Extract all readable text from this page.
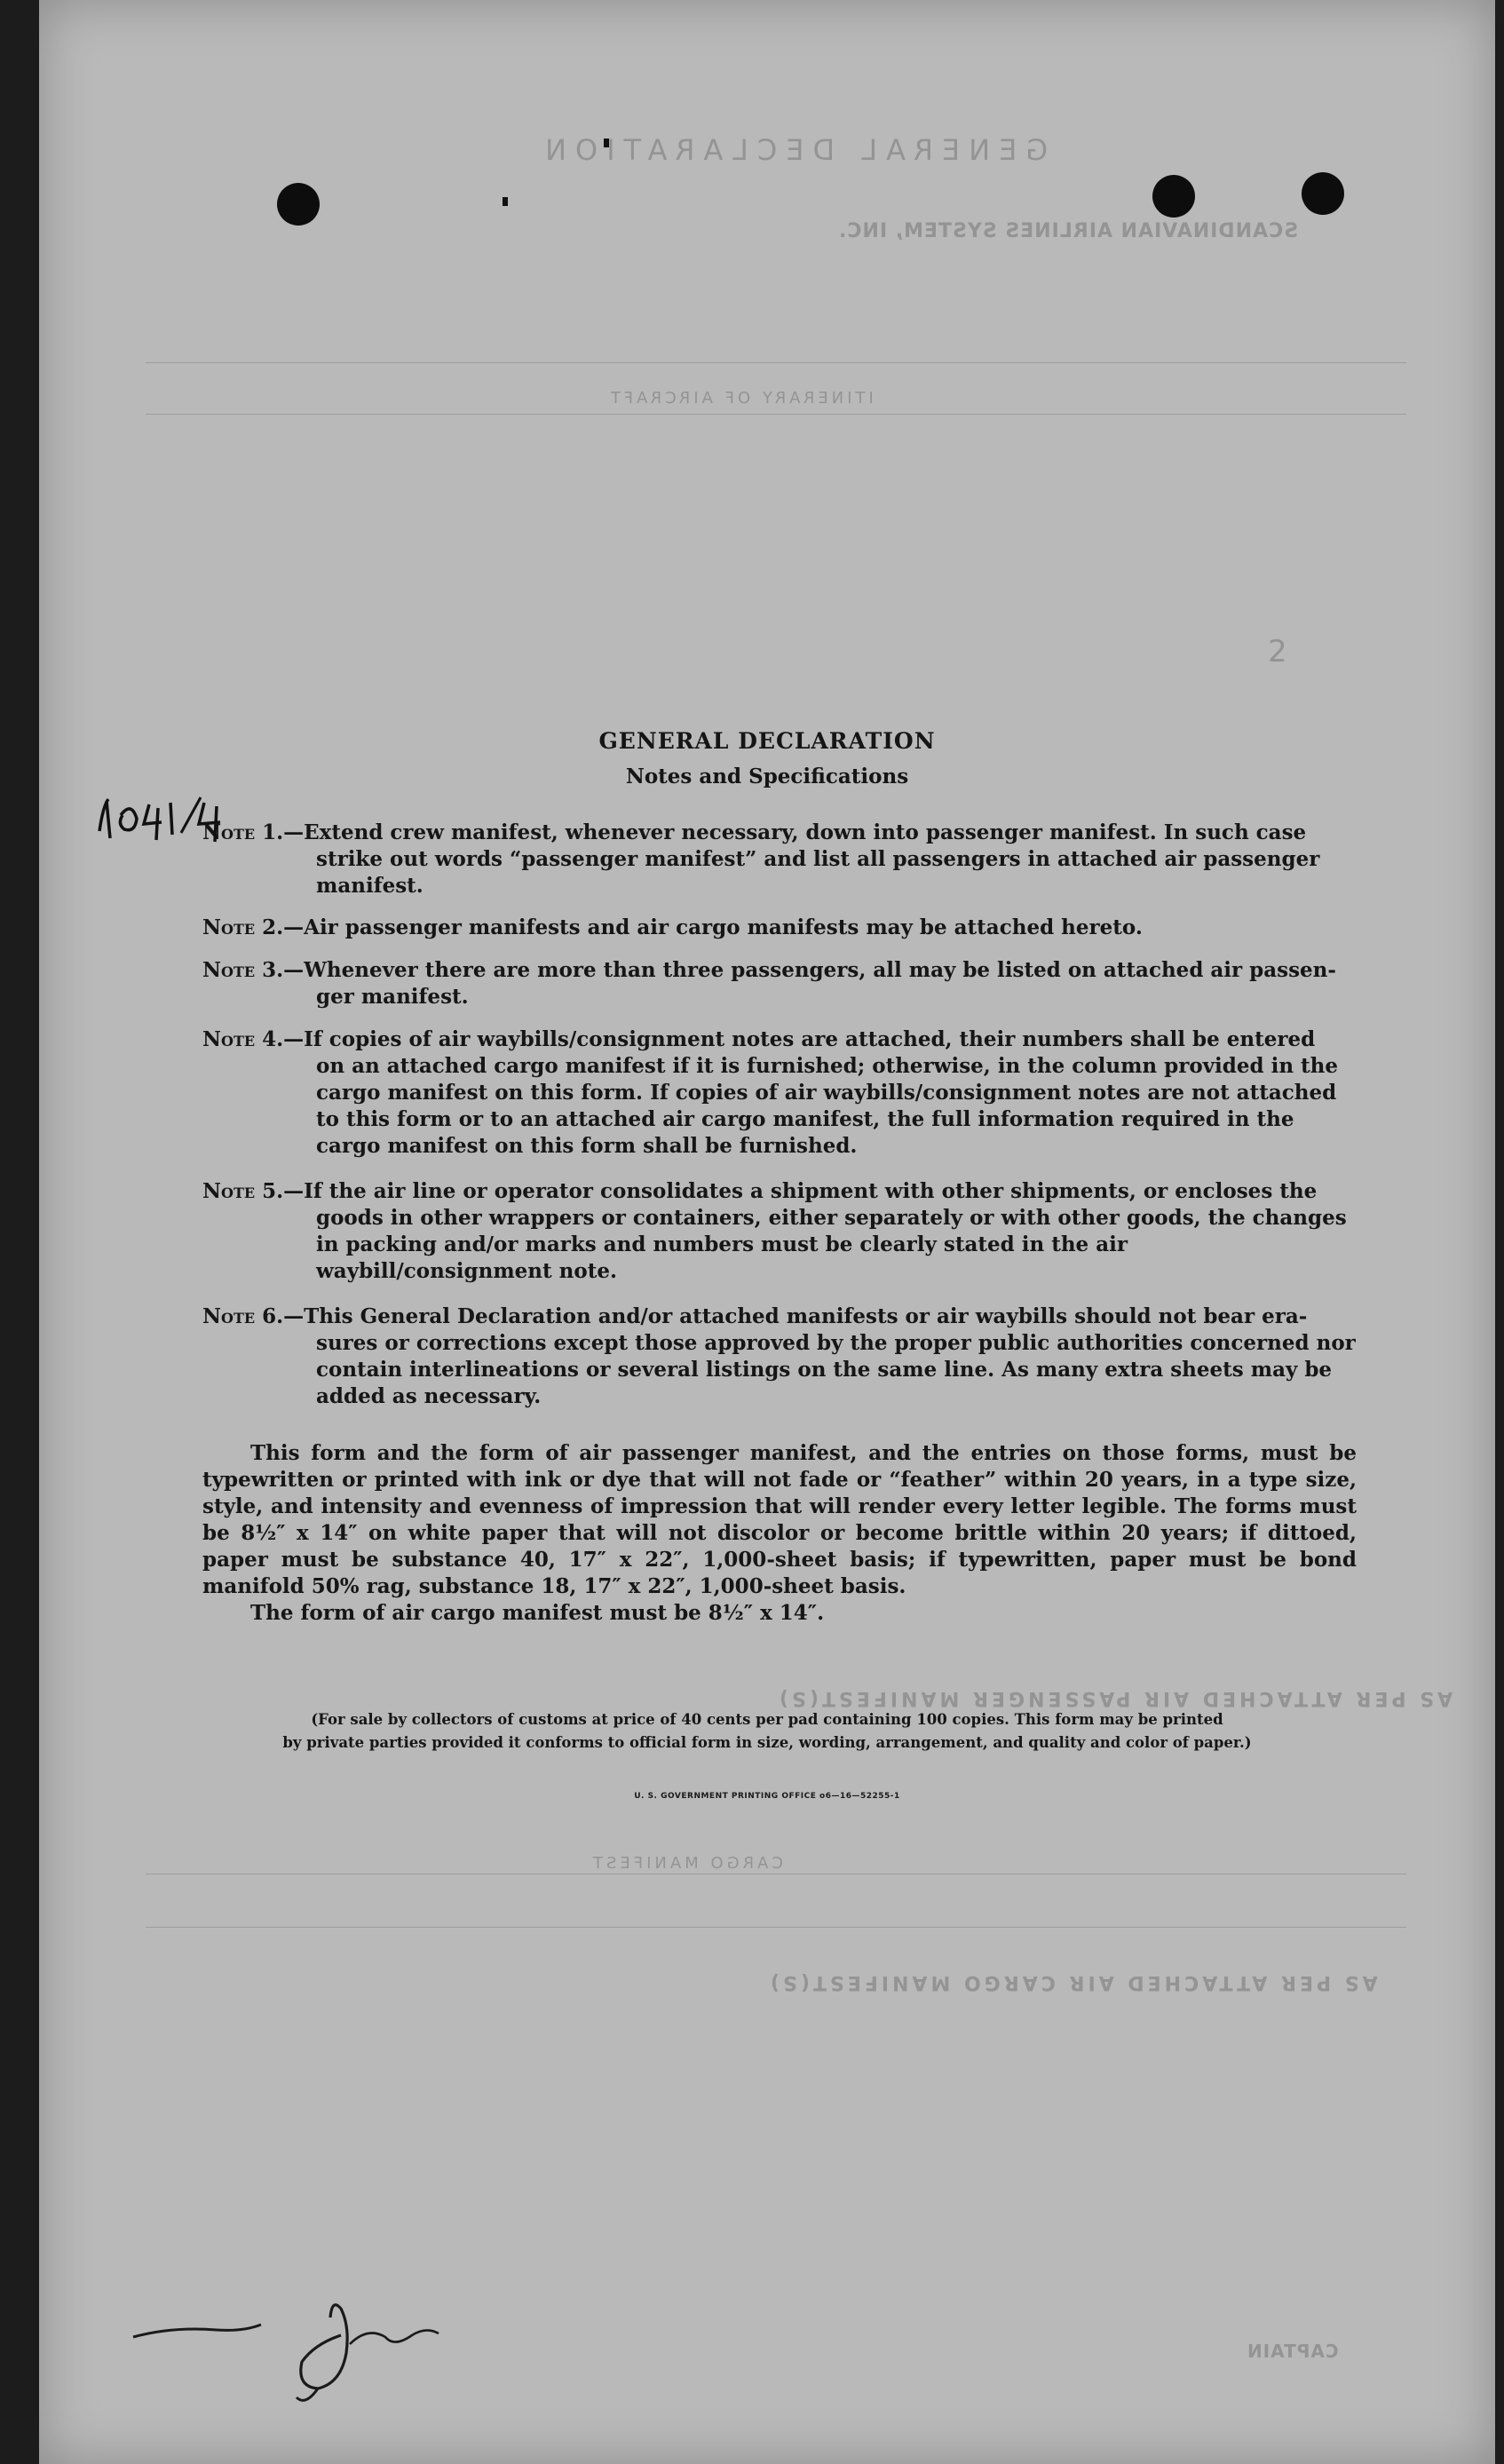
GENERAL DECLARATION
SCANDINAVIAN AIRLINES SYSTEM, INC.
ITINERARY OF AIRCRAFT
AS PER ATTACHED AIR PASSENGER MANIFEST(S)
CARGO MANIFEST
AS PER ATTACHED AIR CARGO MANIFEST(S)
CAPTAIN
2
GENERAL DECLARATION
Notes and Specifications
Note 1.—Extend crew manifest, whenever necessary, down into passenger manifest. In such case
strike out words “passenger manifest” and list all passengers in attached air passenger manifest.
Note 2.—Air passenger manifests and air cargo manifests may be attached hereto.
Note 3.—Whenever there are more than three passengers, all may be listed on attached air passen-
ger manifest.
Note 4.—If copies of air waybills/consignment notes are attached, their numbers shall be entered
on an attached cargo manifest if it is furnished; otherwise, in the column provided in the cargo manifest on this form. If copies of air waybills/consignment notes are not attached to this form or to an attached air cargo manifest, the full information required in the cargo manifest on this form shall be furnished.
Note 5.—If the air line or operator consolidates a shipment with other shipments, or encloses the
goods in other wrappers or containers, either separately or with other goods, the changes in packing and/or marks and numbers must be clearly stated in the air waybill/consignment note.
Note 6.—This General Declaration and/or attached manifests or air waybills should not bear era-
sures or corrections except those approved by the proper public authorities concerned nor contain interlineations or several listings on the same line. As many extra sheets may be added as necessary.
This form and the form of air passenger manifest, and the entries on those forms, must be typewritten or printed with ink or dye that will not fade or “feather” within 20 years, in a type size, style, and intensity and evenness of impression that will render every letter legible. The forms must be 8½″ x 14″ on white paper that will not discolor or become brittle within 20 years; if dittoed, paper must be substance 40, 17″ x 22″, 1,000-sheet basis; if typewritten, paper must be bond manifold 50% rag, substance 18, 17″ x 22″, 1,000-sheet basis.
The form of air cargo manifest must be 8½″ x 14″.
(For sale by collectors of customs at price of 40 cents per pad containing 100 copies. This form may be printed
by private parties provided it conforms to official form in size, wording, arrangement, and quality and color of paper.)
U. S. GOVERNMENT PRINTING OFFICE o6—16—52255-1
